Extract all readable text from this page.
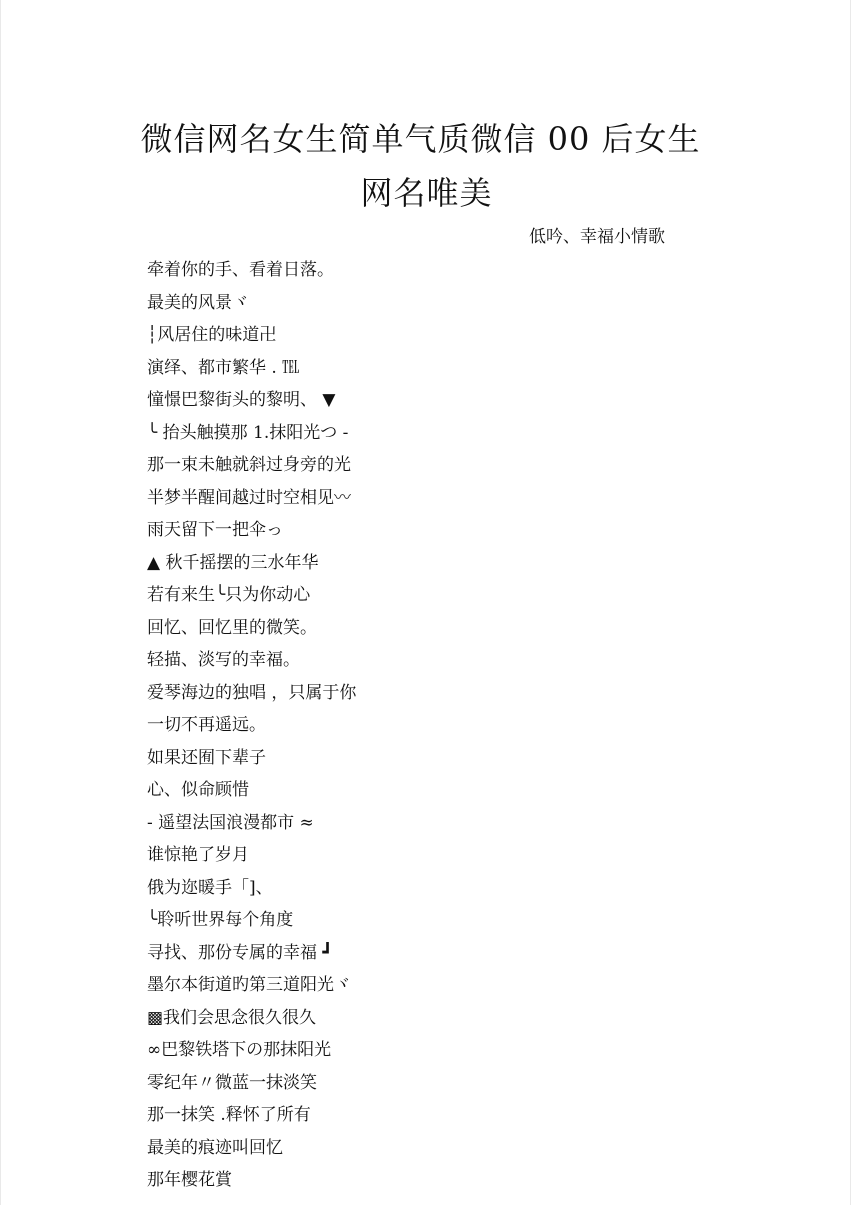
微信网名女生简单气质微信 00 后女生
网名唯美

低吟、幸福小情歌

牵着你的手、看着日落。
最美的风景ヾ
┆风居住的味道卍
演绎、都市繁华 . ℡
憧憬巴黎街头的黎明、 ▼
╰ 抬头触摸那 1.抹阳光つ -
那一束未触就斜过身旁的光
半梦半醒间越过时空相见〰
雨天留下一把伞っ
▲ 秋千摇摆的三水年华
若有来生╰只为你动心
回忆、回忆里的微笑。
轻描、淡写的幸福。
爱琴海边的独唱 ，只属于你
一切不再遥远。
如果还囿下辈子
心、似命顾惜
- 遥望法国浪漫都市 ≈
谁惊艳了岁月
俄为迩暖手「]、
╰聆听世界每个角度
寻找、那份专属的幸福 ┛
墨尔本街道旳第三道阳光ヾ
▩我们会思念很久很久
∞巴黎铁塔下の那抹阳光
零纪年〃微蓝一抹淡笑
那一抹笑 .释怀了所有
最美的痕迹叫回忆
那年樱花賞
